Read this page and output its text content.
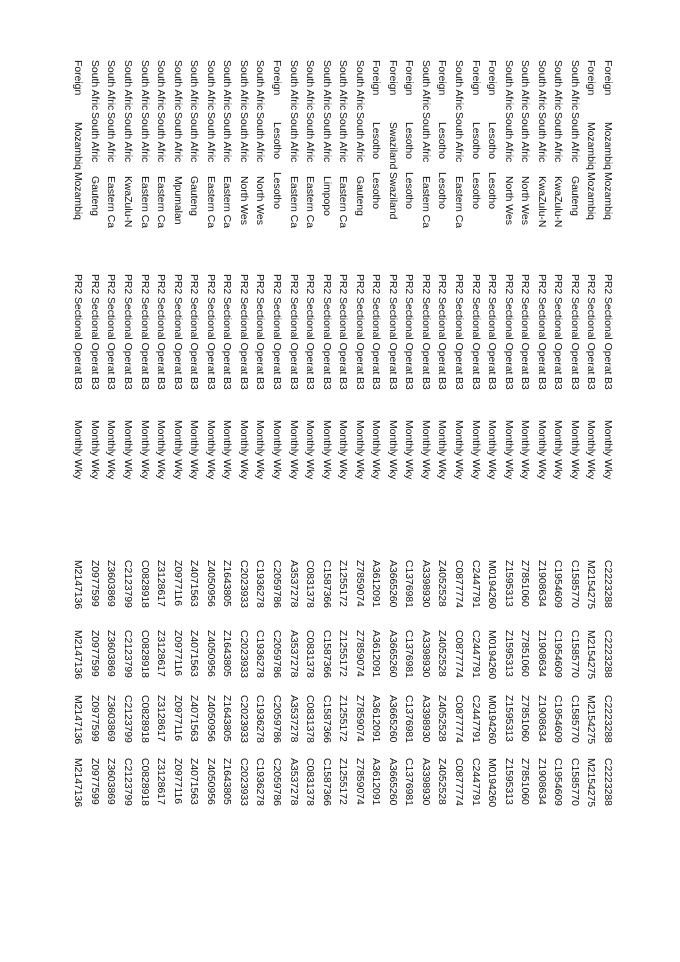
Foreign
Mozambiq
Mozambiq
PR2
Sectional Operat
B3
Monthly Wky
C2223288
C2223288
C2223288
C2223288
Foreign
Mozambiq
Mozambiq
PR2
Sectional Operat
B3
Monthly Wky
M2154275
M2154275
M2154275
M2154275
South Afric
South Afric
Gauteng
PR2
Sectional Operat
B3
Monthly Wky
C1585770
C1585770
C1585770
C1585770
South Afric
South Afric
KwaZulu-N
PR2
Sectional Operat
B3
Monthly Wky
C1954609
C1954609
C1954609
C1954609
South Afric
South Afric
KwaZulu-N
PR2
Sectional Operat
B3
Monthly Wky
Z1908634
Z1908634
Z1908634
Z1908634
South Afric
South Afric
North Wes
PR2
Sectional Operat
B3
Monthly Wky
Z7851060
Z7851060
Z7851060
Z7851060
South Afric
South Afric
North Wes
PR2
Sectional Operat
B3
Monthly Wky
Z1595313
Z1595313
Z1595313
Z1595313
Foreign
Lesotho
Lesotho
PR2
Sectional Operat
B3
Monthly Wky
M0194260
M0194260
M0194260
M0194260
Foreign
Lesotho
Lesotho
PR2
Sectional Operat
B3
Monthly Wky
C2447791
C2447791
C2447791
C2447791
South Afric
South Afric
Eastern Ca
PR2
Sectional Operat
B3
Monthly Wky
C0877774
C0877774
C0877774
C0877774
Foreign
Lesotho
Lesotho
PR2
Sectional Operat
B3
Monthly Wky
Z4052528
Z4052528
Z4052528
Z4052528
South Afric
South Afric
Eastern Ca
PR2
Sectional Operat
B3
Monthly Wky
A3398930
A3398930
A3398930
A3398930
Foreign
Lesotho
Lesotho
PR2
Sectional Operat
B3
Monthly Wky
C1376981
C1376981
C1376981
C1376981
Foreign
Swaziland
Swaziland
PR2
Sectional Operat
B3
Monthly Wky
A3665260
A3665260
A3665260
A3665260
Foreign
Lesotho
Lesotho
PR2
Sectional Operat
B3
Monthly Wky
A3612091
A3612091
A3612091
A3612091
South Afric
South Afric
Gauteng
PR2
Sectional Operat
B3
Monthly Wky
Z7859074
Z7859074
Z7859074
Z7859074
South Afric
South Afric
Eastern Ca
PR2
Sectional Operat
B3
Monthly Wky
Z1255172
Z1255172
Z1255172
Z1255172
South Afric
South Afric
Limpopo
PR2
Sectional Operat
B3
Monthly Wky
C1587366
C1587366
C1587366
C1587366
South Afric
South Afric
Eastern Ca
PR2
Sectional Operat
B3
Monthly Wky
C0831378
C0831378
C0831378
C0831378
South Afric
South Afric
Eastern Ca
PR2
Sectional Operat
B3
Monthly Wky
A3537278
A3537278
A3537278
A3537278
Foreign
Lesotho
Lesotho
PR2
Sectional Operat
B3
Monthly Wky
C2059786
C2059786
C2059786
C2059786
South Afric
South Afric
North Wes
PR2
Sectional Operat
B3
Monthly Wky
C1936278
C1936278
C1936278
C1936278
South Afric
South Afric
North Wes
PR2
Sectional Operat
B3
Monthly Wky
C2023933
C2023933
C2023933
C2023933
South Afric
South Afric
Eastern Ca
PR2
Sectional Operat
B3
Monthly Wky
Z1643805
Z1643805
Z1643805
Z1643805
South Afric
South Afric
Eastern Ca
PR2
Sectional Operat
B3
Monthly Wky
Z4050956
Z4050956
Z4050956
Z4050956
South Afric
South Afric
Gauteng
PR2
Sectional Operat
B3
Monthly Wky
Z4071563
Z4071563
Z4071563
Z4071563
South Afric
South Afric
Mpumalan
PR2
Sectional Operat
B3
Monthly Wky
Z0977116
Z0977116
Z0977116
Z0977116
South Afric
South Afric
Eastern Ca
PR2
Sectional Operat
B3
Monthly Wky
Z3128617
Z3128617
Z3128617
Z3128617
South Afric
South Afric
Eastern Ca
PR2
Sectional Operat
B3
Monthly Wky
C0828918
C0828918
C0828918
C0828918
South Afric
South Afric
KwaZulu-N
PR2
Sectional Operat
B3
Monthly Wky
C2123799
C2123799
C2123799
C2123799
South Afric
South Afric
Eastern Ca
PR2
Sectional Operat
B3
Monthly Wky
Z3603869
Z3603869
Z3603869
Z3603869
South Afric
South Afric
Gauteng
PR2
Sectional Operat
B3
Monthly Wky
Z0977599
Z0977599
Z0977599
Z0977599
Foreign
Mozambiq
Mozambiq
PR2
Sectional Operat
B3
Monthly Wky
M2147136
M2147136
M2147136
M2147136
